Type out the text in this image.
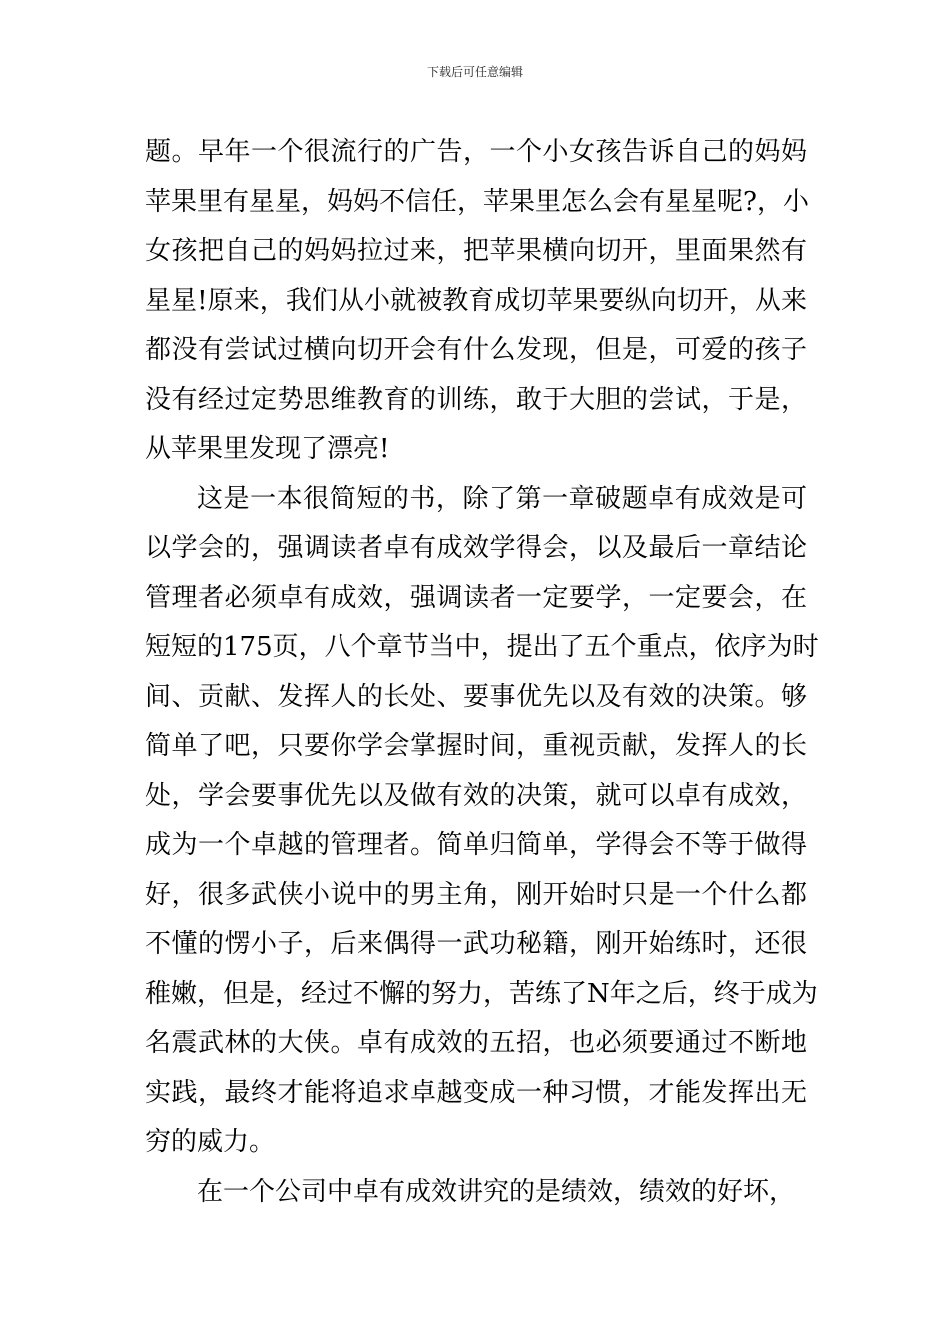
下载后可任意编辑
题。早年一个很流行的广告，一个小女孩告诉自己的妈妈
苹果里有星星，妈妈不信任，苹果里怎么会有星星呢?，小
女孩把自己的妈妈拉过来，把苹果横向切开，里面果然有
星星!原来，我们从小就被教育成切苹果要纵向切开，从来
都没有尝试过横向切开会有什么发现，但是，可爱的孩子
没有经过定势思维教育的训练，敢于大胆的尝试，于是，
从苹果里发现了漂亮!
这是一本很简短的书，除了第一章破题卓有成效是可
以学会的，强调读者卓有成效学得会，以及最后一章结论
管理者必须卓有成效，强调读者一定要学，一定要会，在
短短的175页，八个章节当中，提出了五个重点，依序为时
间、贡献、发挥人的长处、要事优先以及有效的决策。够
简单了吧，只要你学会掌握时间，重视贡献，发挥人的长
处，学会要事优先以及做有效的决策，就可以卓有成效，
成为一个卓越的管理者。简单归简单，学得会不等于做得
好，很多武侠小说中的男主角，刚开始时只是一个什么都
不懂的愣小子，后来偶得一武功秘籍，刚开始练时，还很
稚嫩，但是，经过不懈的努力，苦练了N年之后，终于成为
名震武林的大侠。卓有成效的五招，也必须要通过不断地
实践，最终才能将追求卓越变成一种习惯，才能发挥出无
穷的威力。
在一个公司中卓有成效讲究的是绩效，绩效的好坏，
